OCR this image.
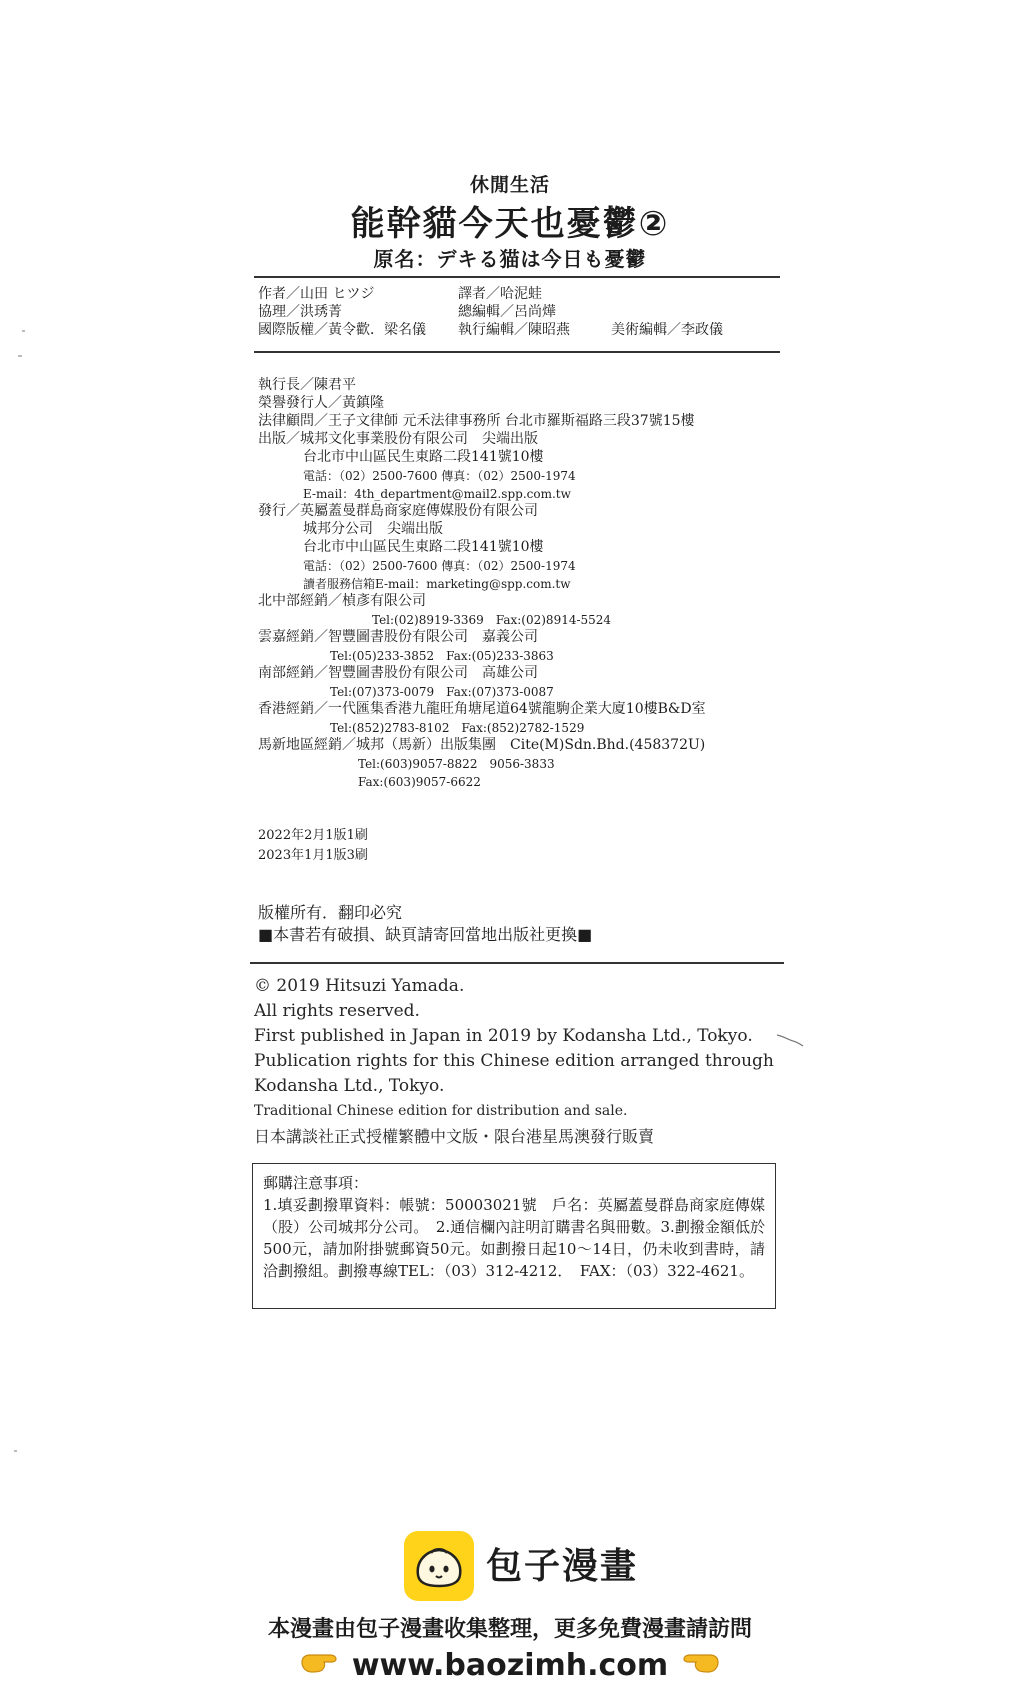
休閒生活
能幹貓今天也憂鬱②
原名：デキる猫は今日も憂鬱
作者／山田 ヒツジ	譯者／哈泥蛙
協理／洪琇菁	總編輯／呂尚燁
國際版權／黃令歡．梁名儀 執行編輯／陳昭燕	美術編輯／李政儀
執行長／陳君平
榮譽發行人／黃鎮隆
法律顧問／王子文律師 元禾法律事務所 台北市羅斯福路三段37號15樓
出版／城邦文化事業股份有限公司　尖端出版
台北市中山區民生東路二段141號10樓
電話：（02）2500-7600 傳真：（02）2500-1974
E-mail：4th_department@mail2.spp.com.tw
發行／英屬蓋曼群島商家庭傳媒股份有限公司
城邦分公司　尖端出版
台北市中山區民生東路二段141號10樓
電話：（02）2500-7600 傳真：（02）2500-1974
讀者服務信箱E-mail：marketing@spp.com.tw
北中部經銷／楨彥有限公司
Tel:(02)8919-3369　Fax:(02)8914-5524
雲嘉經銷／智豐圖書股份有限公司　嘉義公司
Tel:(05)233-3852　Fax:(05)233-3863
南部經銷／智豐圖書股份有限公司　高雄公司
Tel:(07)373-0079　Fax:(07)373-0087
香港經銷／一代匯集香港九龍旺角塘尾道64號龍駒企業大廈10樓B&D室
Tel:(852)2783-8102　Fax:(852)2782-1529
馬新地區經銷／城邦（馬新）出版集團　Cite(M)Sdn.Bhd.(458372U)
Tel:(603)9057-8822　9056-3833
Fax:(603)9057-6622
2022年2月1版1刷
2023年1月1版3刷
版權所有．翻印必究
■本書若有破損、缺頁請寄回當地出版社更換■
© 2019 Hitsuzi Yamada.
All rights reserved.
First published in Japan in 2019 by Kodansha Ltd., Tokyo.
Publication rights for this Chinese edition arranged through
Kodansha Ltd., Tokyo.
Traditional Chinese edition for distribution and sale.
日本講談社正式授權繁體中文版・限台港星馬澳發行販賣
郵購注意事項：
1.填妥劃撥單資料：帳號：50003021號　戶名：英屬蓋曼群島商家庭傳媒（股）公司城邦分公司。　2.通信欄內註明訂購書名與冊數。3.劃撥金額低於500元，請加附掛號郵資50元。如劃撥日起10～14日，仍未收到書時，請洽劃撥組。劃撥專線TEL：（03）312-4212．　FAX：（03）322-4621。
包子漫畫
本漫畫由包子漫畫收集整理，更多免費漫畫請訪問
www.baozimh.com
